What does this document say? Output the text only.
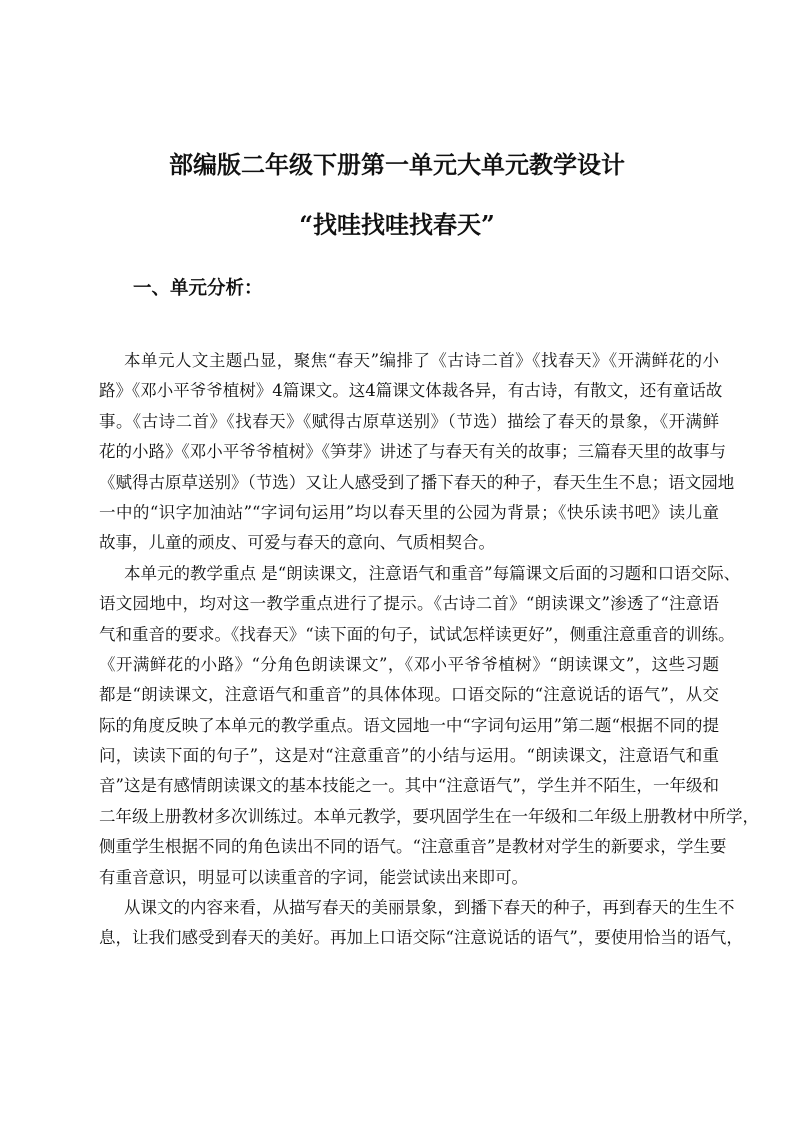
部编版二年级下册第一单元大单元教学设计
“找哇找哇找春天”
一、单元分析：
本单元人文主题凸显，聚焦“春天”编排了《古诗二首》《找春天》《开满鲜花的小
路》《邓小平爷爷植树》4篇课文。这4篇课文体裁各异，有古诗，有散文，还有童话故
事。《古诗二首》《找春天》《赋得古原草送别》（节选）描绘了春天的景象，《开满鲜
花的小路》《邓小平爷爷植树》《笋芽》讲述了与春天有关的故事；三篇春天里的故事与
《赋得古原草送别》（节选）又让人感受到了播下春天的种子，春天生生不息；语文园地
一中的“识字加油站”“字词句运用”均以春天里的公园为背景；《快乐读书吧》读儿童
故事，儿童的顽皮、可爱与春天的意向、气质相契合。
本单元的教学重点 是“朗读课文，注意语气和重音”每篇课文后面的习题和口语交际、
语文园地中，均对这一教学重点进行了提示。《古诗二首》“朗读课文”渗透了“注意语
气和重音的要求。《找春天》“读下面的句子，试试怎样读更好”，侧重注意重音的训练。
《开满鲜花的小路》“分角色朗读课文”，《邓小平爷爷植树》“朗读课文”，这些习题
都是“朗读课文，注意语气和重音”的具体体现。口语交际的“注意说话的语气”，从交
际的角度反映了本单元的教学重点。语文园地一中“字词句运用”第二题“根据不同的提
问，读读下面的句子”，这是对“注意重音”的小结与运用。“朗读课文，注意语气和重
音”这是有感情朗读课文的基本技能之一。其中“注意语气”，学生并不陌生，一年级和
二年级上册教材多次训练过。本单元教学，要巩固学生在一年级和二年级上册教材中所学，
侧重学生根据不同的角色读出不同的语气。“注意重音”是教材对学生的新要求，学生要
有重音意识，明显可以读重音的字词，能尝试读出来即可。
从课文的内容来看，从描写春天的美丽景象，到播下春天的种子，再到春天的生生不
息，让我们感受到春天的美好。再加上口语交际“注意说话的语气”，要使用恰当的语气，
